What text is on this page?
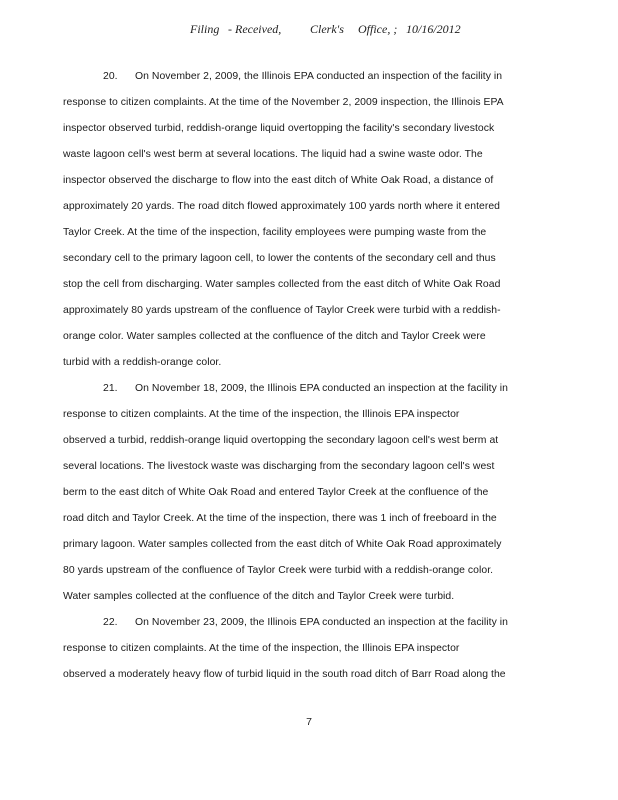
Filing - Received, Clerk's Office, ; 10/16/2012

20. On November 2, 2009, the Illinois EPA conducted an inspection of the facility in
response to citizen complaints. At the time of the November 2, 2009 inspection, the Illinois EPA
inspector observed turbid, reddish-orange liquid overtopping the facility's secondary livestock
waste lagoon cell's west berm at several locations. The liquid had a swine waste odor. The
inspector observed the discharge to flow into the east ditch of White Oak Road, a distance of
approximately 20 yards. The road ditch flowed approximately 100 yards north where it entered
Taylor Creek. At the time of the inspection, facility employees were pumping waste from the
secondary cell to the primary lagoon cell, to lower the contents of the secondary cell and thus
stop the cell from discharging. Water samples collected from the east ditch of White Oak Road
approximately 80 yards upstream of the confluence of Taylor Creek were turbid with a reddish-
orange color. Water samples collected at the confluence of the ditch and Taylor Creek were
turbid with a reddish-orange color.

21. On November 18, 2009, the Illinois EPA conducted an inspection at the facility in
response to citizen complaints. At the time of the inspection, the Illinois EPA inspector
observed a turbid, reddish-orange liquid overtopping the secondary lagoon cell's west berm at
several locations. The livestock waste was discharging from the secondary lagoon cell's west
berm to the east ditch of White Oak Road and entered Taylor Creek at the confluence of the
road ditch and Taylor Creek. At the time of the inspection, there was 1 inch of freeboard in the
primary lagoon. Water samples collected from the east ditch of White Oak Road approximately
80 yards upstream of the confluence of Taylor Creek were turbid with a reddish-orange color.
Water samples collected at the confluence of the ditch and Taylor Creek were turbid.

22. On November 23, 2009, the Illinois EPA conducted an inspection at the facility in
response to citizen complaints. At the time of the inspection, the Illinois EPA inspector
observed a moderately heavy flow of turbid liquid in the south road ditch of Barr Road along the

7
